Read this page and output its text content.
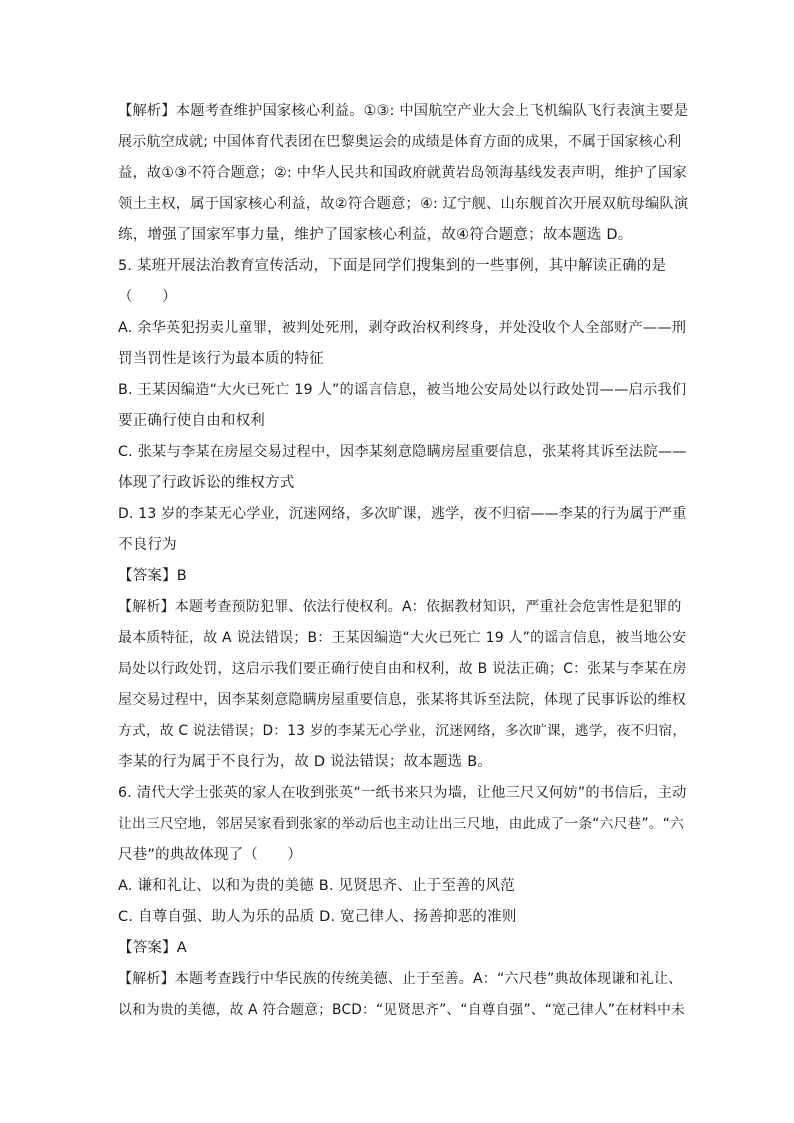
【解析】本题考查维护国家核心利益。①③: 中国航空产业大会上飞机编队飞行表演主要是
展示航空成就; 中国体育代表团在巴黎奥运会的成绩是体育方面的成果，不属于国家核心利
益，故①③不符合题意；②: 中华人民共和国政府就黄岩岛领海基线发表声明，维护了国家
领土主权，属于国家核心利益，故②符合题意；④: 辽宁舰、山东舰首次开展双航母编队演
练，增强了国家军事力量，维护了国家核心利益，故④符合题意；故本题选 D。
5. 某班开展法治教育宣传活动，下面是同学们搜集到的一些事例，其中解读正确的是
（　　）
A. 余华英犯拐卖儿童罪，被判处死刑，剥夺政治权利终身，并处没收个人全部财产——刑
罚当罚性是该行为最本质的特征
B. 王某因编造“大火已死亡 19 人”的谣言信息，被当地公安局处以行政处罚——启示我们
要正确行使自由和权利
C. 张某与李某在房屋交易过程中，因李某刻意隐瞒房屋重要信息，张某将其诉至法院——
体现了行政诉讼的维权方式
D. 13 岁的李某无心学业，沉迷网络，多次旷课，逃学，夜不归宿——李某的行为属于严重
不良行为
【答案】B
【解析】本题考查预防犯罪、依法行使权利。A：依据教材知识，严重社会危害性是犯罪的
最本质特征，故 A 说法错误；B：王某因编造“大火已死亡 19 人”的谣言信息，被当地公安
局处以行政处罚，这启示我们要正确行使自由和权利，故 B 说法正确；C：张某与李某在房
屋交易过程中，因李某刻意隐瞒房屋重要信息，张某将其诉至法院，体现了民事诉讼的维权
方式，故 C 说法错误；D：13 岁的李某无心学业，沉迷网络，多次旷课，逃学，夜不归宿，
李某的行为属于不良行为，故 D 说法错误；故本题选 B。
6. 清代大学士张英的家人在收到张英“一纸书来只为墙，让他三尺又何妨”的书信后，主动
让出三尺空地，邻居吴家看到张家的举动后也主动让出三尺地，由此成了一条“六尺巷”。“六
尺巷”的典故体现了（　　）
A. 谦和礼让、以和为贵的美德 B. 见贤思齐、止于至善的风范
C. 自尊自强、助人为乐的品质 D. 宽己律人、扬善抑恶的准则
【答案】A
【解析】本题考查践行中华民族的传统美德、止于至善。A：“六尺巷”典故体现谦和礼让、
以和为贵的美德，故 A 符合题意；BCD：“见贤思齐”、“自尊自强”、“宽己律人”在材料中未
